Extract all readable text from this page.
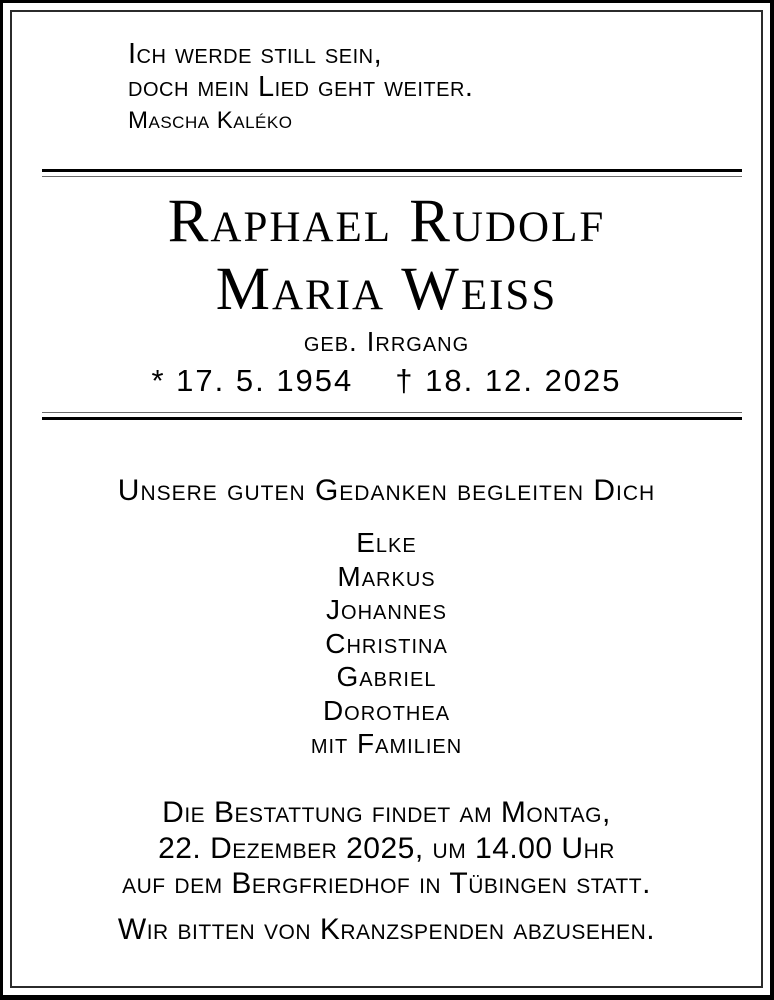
Ich werde still sein,
doch mein Lied geht weiter.
Mascha Kaléko
Raphael Rudolf
Maria Weiss
geb. Irrgang
* 17. 5. 1954 † 18. 12. 2025
Unsere guten Gedanken begleiten Dich
Elke
Markus
Johannes
Christina
Gabriel
Dorothea
mit Familien
Die Bestattung findet am Montag,
22. Dezember 2025, um 14.00 Uhr
auf dem Bergfriedhof in Tübingen statt.
Wir bitten von Kranzspenden abzusehen.
